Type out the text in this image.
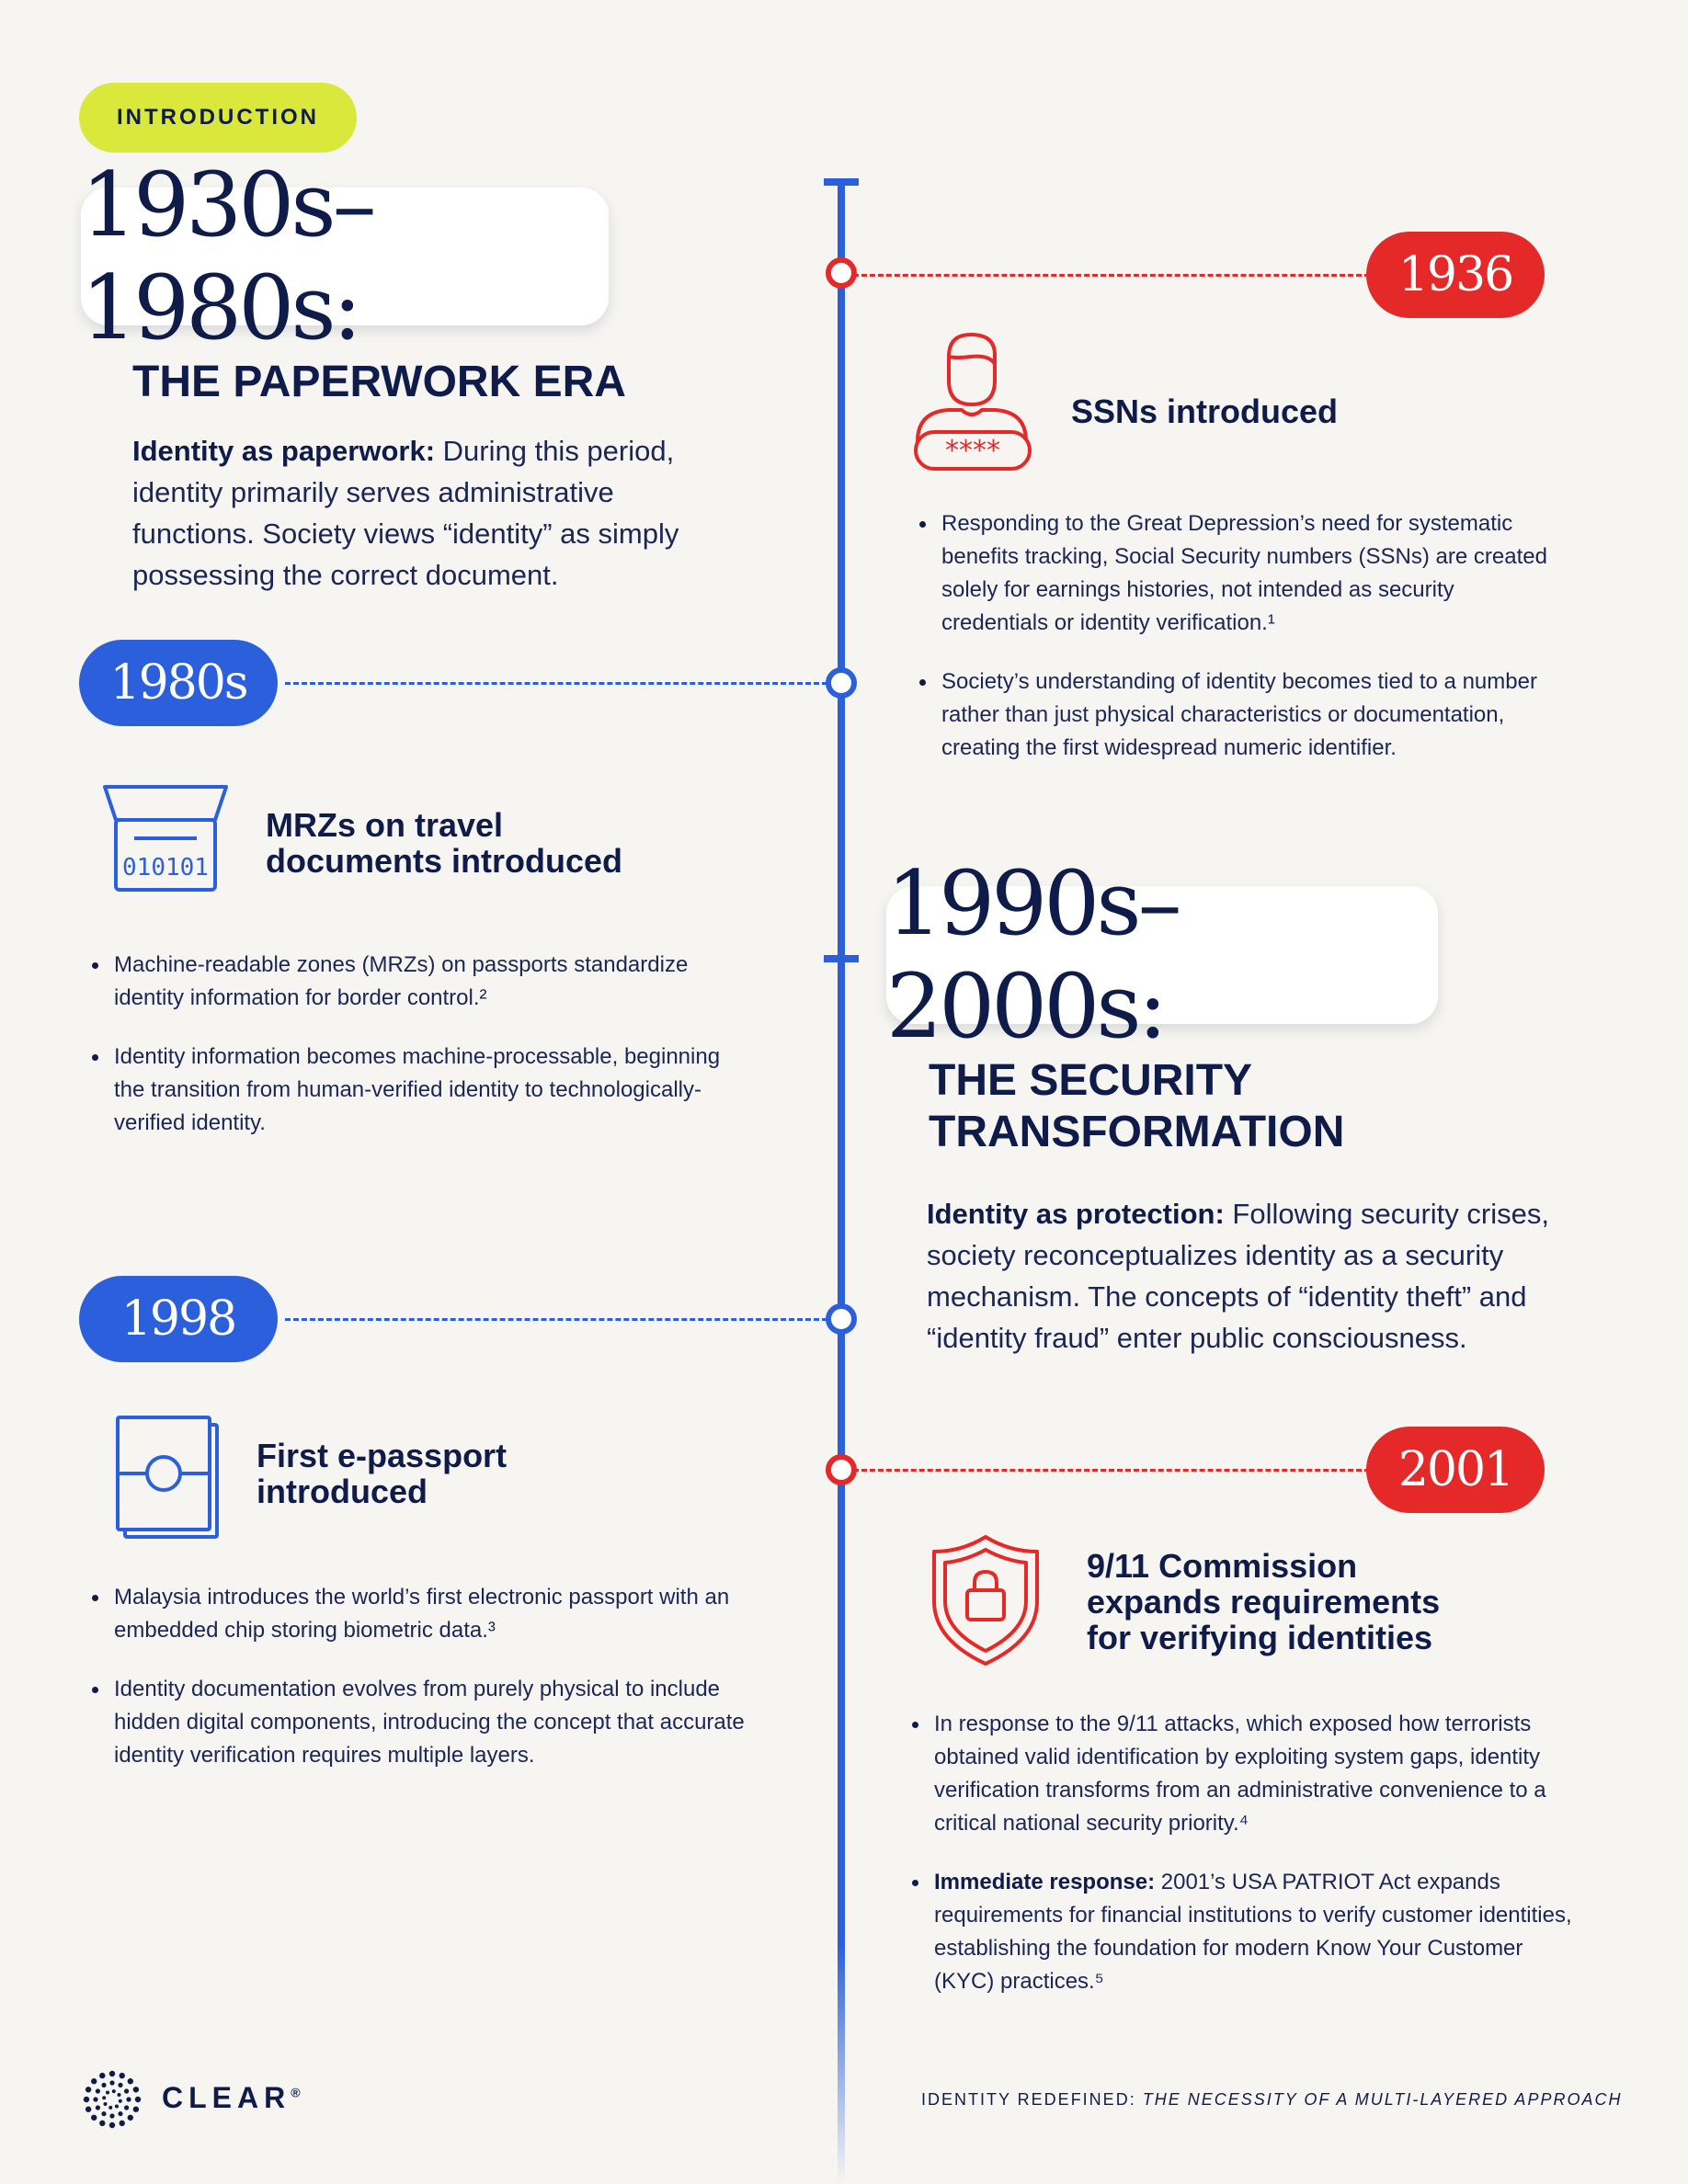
INTRODUCTION
1930s–1980s:
THE PAPERWORK ERA
Identity as paperwork: During this period, identity primarily serves administrative functions. Society views “identity” as simply possessing the correct document.
1936
****
SSNs introduced
Responding to the Great Depression’s need for systematic benefits tracking, Social Security numbers (SSNs) are created solely for earnings histories, not intended as security credentials or identity verification.¹
Society’s understanding of identity becomes tied to a number rather than just physical characteristics or documentation, creating the first widespread numeric identifier.
1980s
010101
MRZs on travel
documents introduced
Machine-readable zones (MRZs) on passports standardize identity information for border control.²
Identity information becomes machine-processable, beginning the transition from human-verified identity to technologically-verified identity.
1990s–2000s:
THE SECURITY
TRANSFORMATION
Identity as protection: Following security crises, society reconceptualizes identity as a security mechanism. The concepts of “identity theft” and “identity fraud” enter public consciousness.
1998
First e-passport
introduced
Malaysia introduces the world’s first electronic passport with an embedded chip storing biometric data.³
Identity documentation evolves from purely physical to include hidden digital components, introducing the concept that accurate identity verification requires multiple layers.
2001
9/11 Commission
expands requirements
for verifying identities
In response to the 9/11 attacks, which exposed how terrorists obtained valid identification by exploiting system gaps, identity verification transforms from an administrative convenience to a critical national security priority.⁴
Immediate response: 2001’s USA PATRIOT Act expands requirements for financial institutions to verify customer identities, establishing the foundation for modern Know Your Customer (KYC) practices.⁵
CLEAR®	IDENTITY REDEFINED: THE NECESSITY OF A MULTI-LAYERED APPROACH
